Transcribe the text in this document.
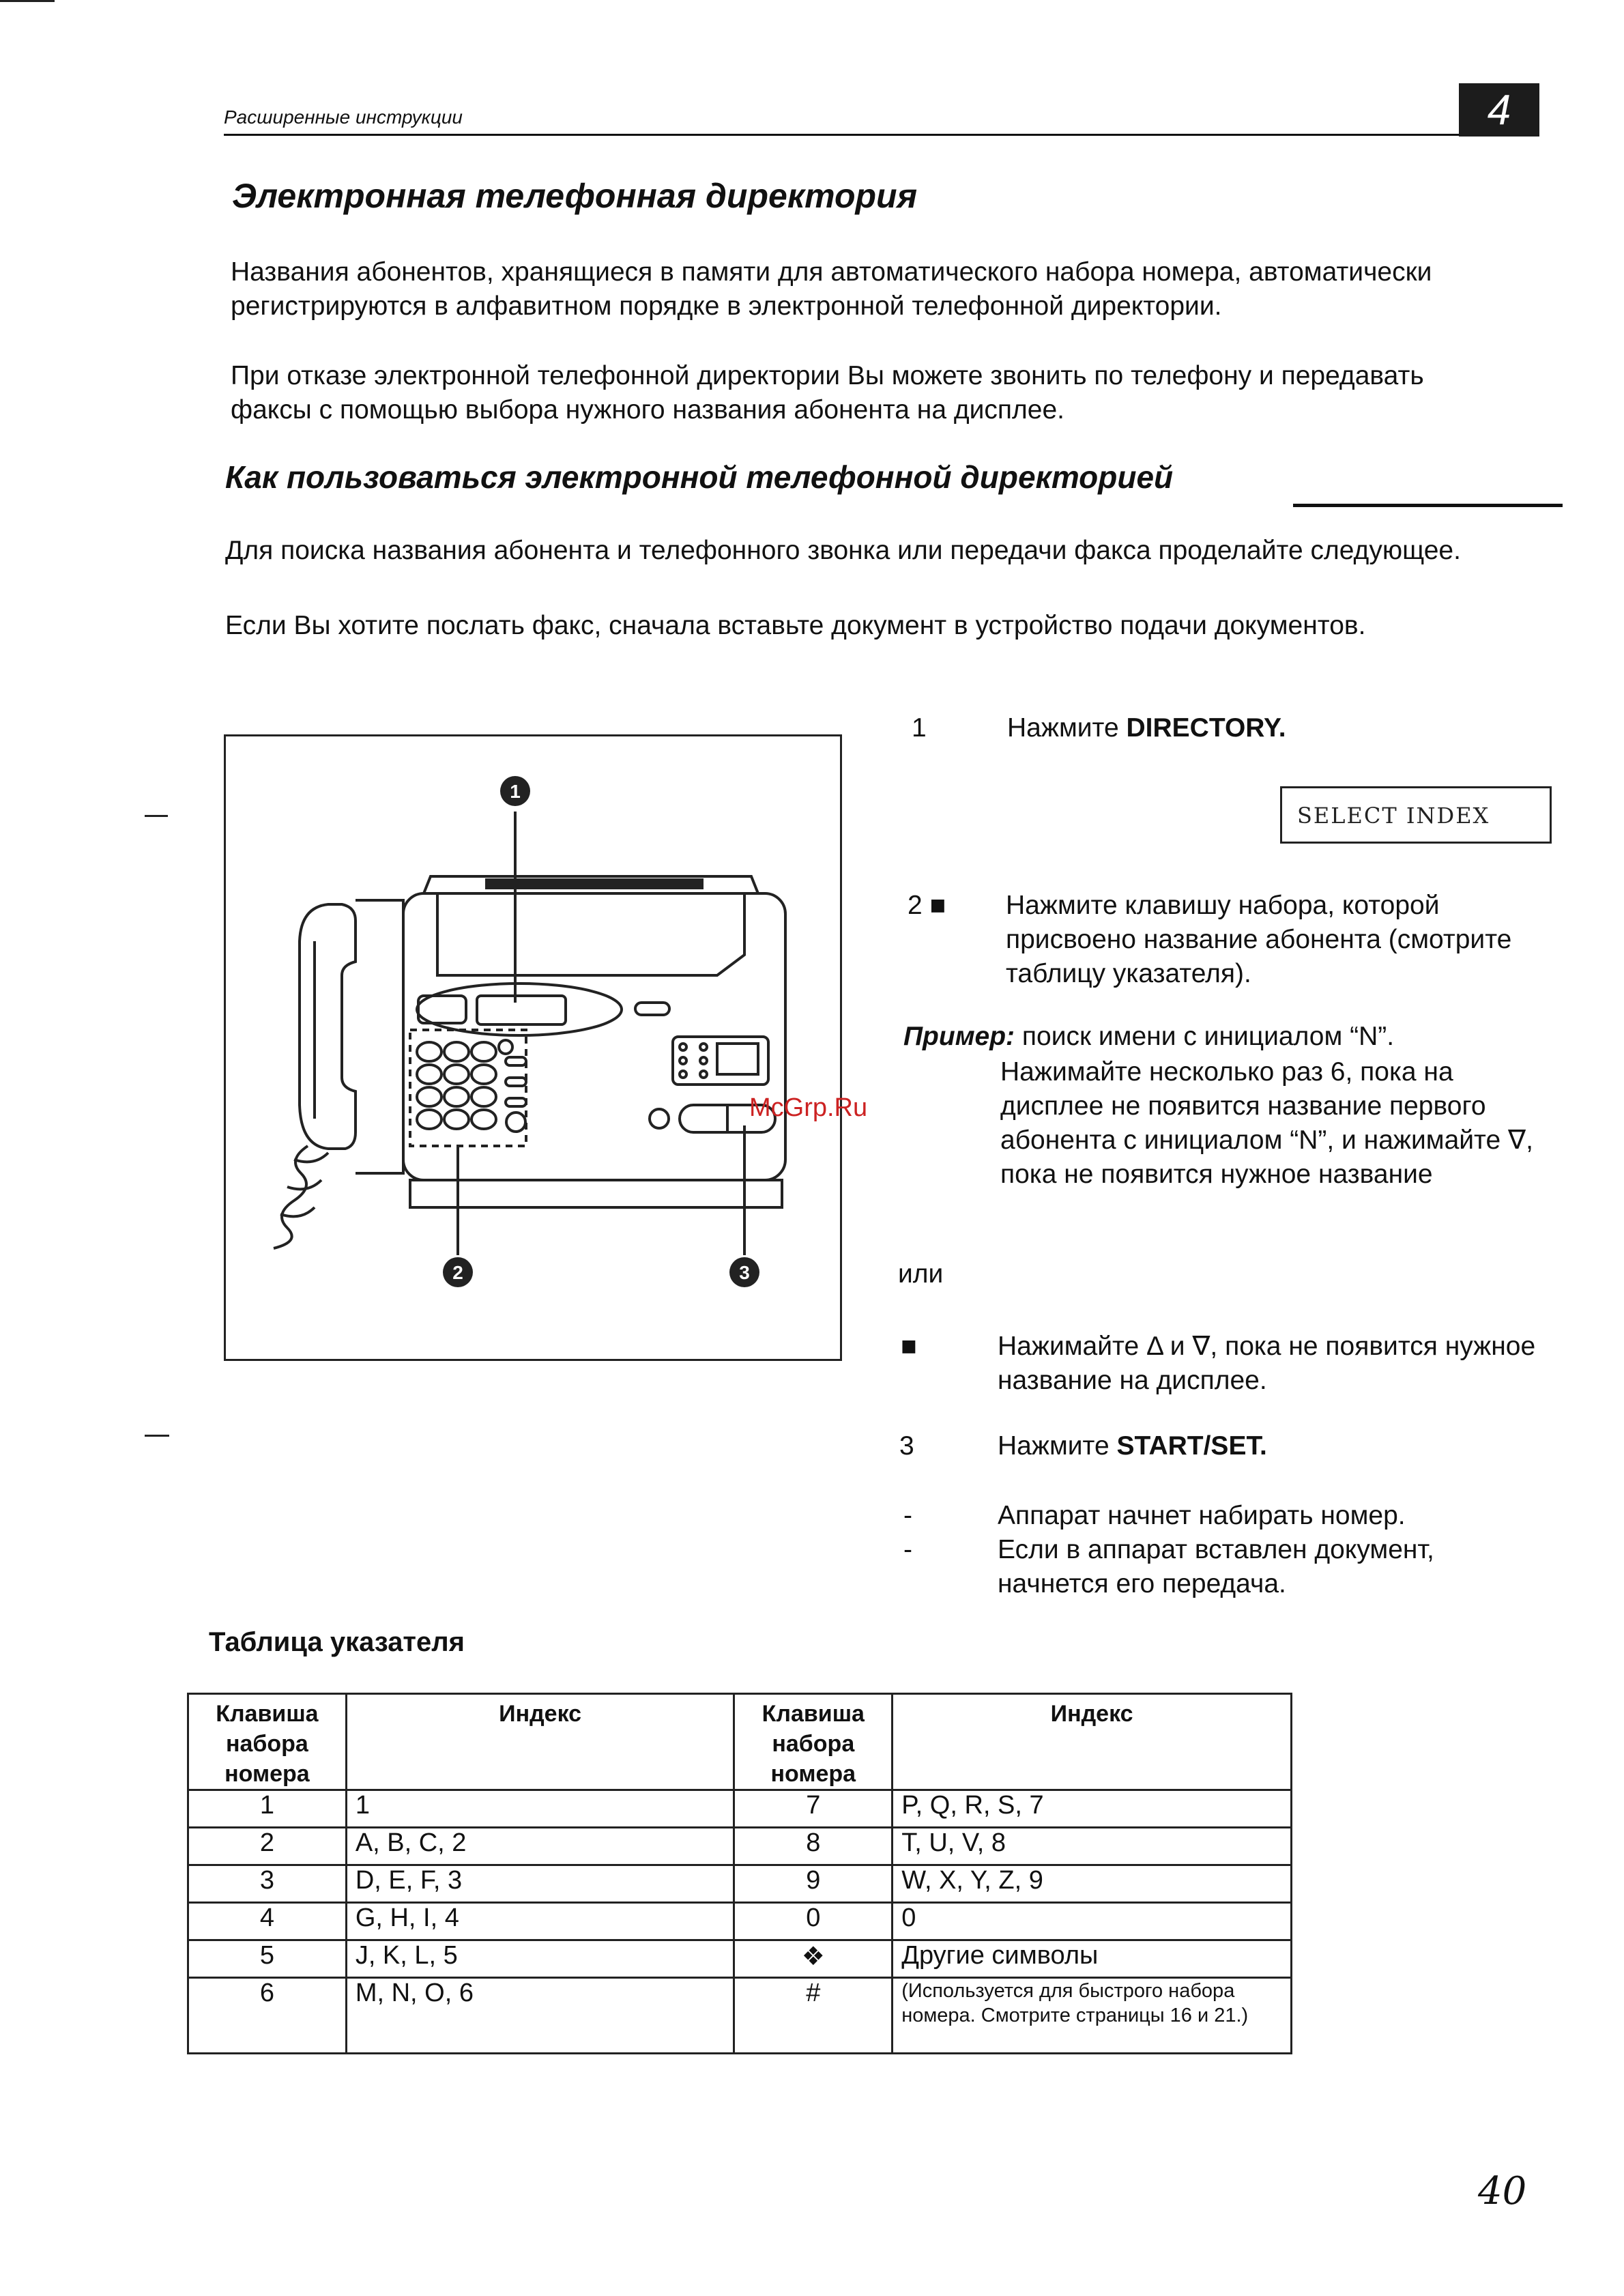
Расширенные инструкции	4
Электронная телефонная директория
Названия абонентов, хранящиеся в памяти для автоматического набора номера, автоматически регистрируются в алфавитном порядке в электронной телефонной директории.
При отказе электронной телефонной директории Вы можете звонить по телефону и передавать факсы с помощью выбора нужного названия абонента на дисплее.
Как пользоваться электронной телефонной директорией
Для поиска названия абонента и телефонного звонка или передачи факса проделайте следующее.
Если Вы хотите послать факс, сначала вставьте документ в устройство подачи документов.
1
2	3
McGrp.Ru
1	Нажмите DIRECTORY.
SELECT INDEX
2 ■ Нажмите клавишу набора, которой присвоено название абонента (смотрите таблицу указателя).
Пример: поиск имени с инициалом “N”.
Нажимайте несколько раз 6, пока на дисплее не появится название первого абонента с инициалом “N”, и нажимайте ∇, пока не появится нужное название
или
■	Нажимайте Δ и ∇, пока не появится нужное название на дисплее.
3	Нажмите START/SET.
-	Аппарат начнет набирать номер.
-	Если в аппарат вставлен документ, начнется его передача.
Таблица указателя
Клавиша набора номера	Индекс	Клавиша набора номера	Индекс
1	1	7	P, Q, R, S, 7
2	A, B, C, 2	8	T, U, V, 8
3	D, E, F, 3	9	W, X, Y, Z, 9
4	G, H, I, 4	0	0
5	J, K, L, 5	❖	Другие символы
6	M, N, O, 6	#	(Используется для быстрого набора номера. Смотрите страницы 16 и 21.)
40
